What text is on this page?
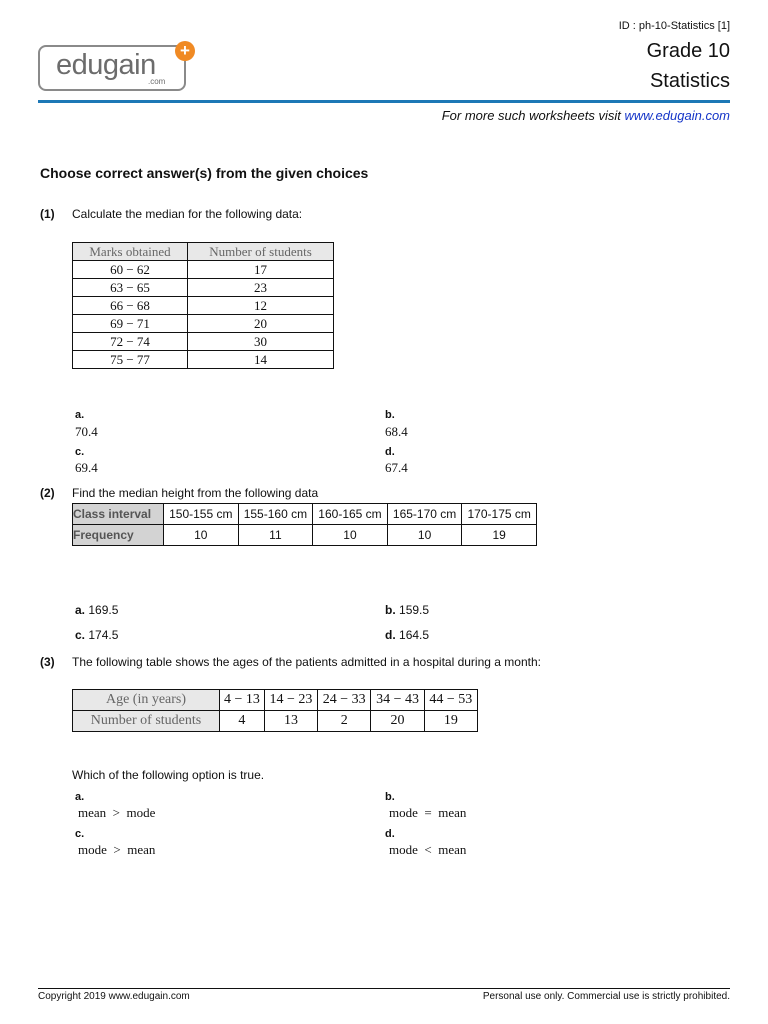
edugain
.com
+
ID : ph-10-Statistics [1]
Grade 10
Statistics
For more such worksheets visit www.edugain.com
Choose correct answer(s) from the given choices
(1) Calculate the median for the following data:
Marks obtained	Number of students
60 − 62	17
63 − 65	23
66 − 68	12
69 − 71	20
72 − 74	30
75 − 77	14
a.
70.4
b.
68.4
c.
69.4
d.
67.4
(2) Find the median height from the following data
Class interval	150-155 cm	155-160 cm	160-165 cm	165-170 cm	170-175 cm
Frequency	10	11	10	10	19
a. 169.5	b. 159.5
c. 174.5	d. 164.5
(3) The following table shows the ages of the patients admitted in a hospital during a month:
Age (in years)	4 − 13	14 − 23	24 − 33	34 − 43	44 − 53
Number of students	4	13	2	20	19
Which of the following option is true.
a.
mean  >  mode
b.
mode  =  mean
c.
mode  >  mean
d.
mode  <  mean
Copyright 2019 www.edugain.com	Personal use only. Commercial use is strictly prohibited.
